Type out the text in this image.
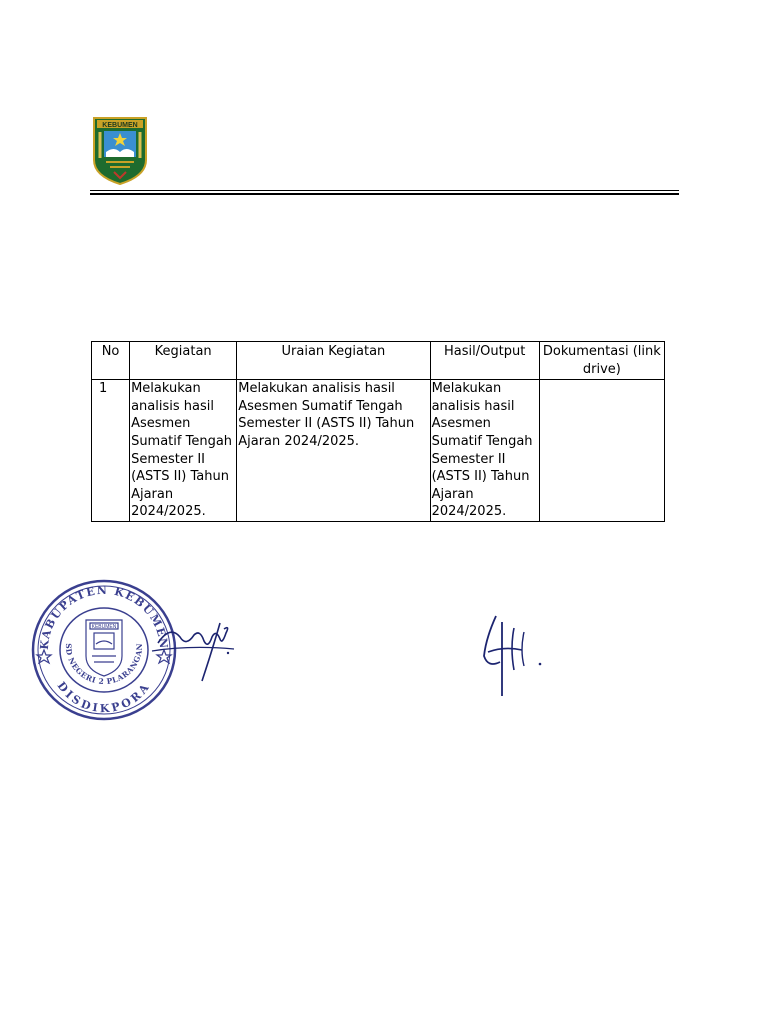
KEBUMEN
No	Kegiatan	Uraian Kegiatan	Hasil/Output	Dokumentasi (link drive)
1	Melakukan analisis hasil Asesmen Sumatif Tengah Semester II (ASTS II) Tahun Ajaran 2024/2025.	Melakukan analisis hasil Asesmen Sumatif Tengah Semester II (ASTS II) Tahun Ajaran 2024/2025.	Melakukan analisis hasil Asesmen Sumatif Tengah Semester II (ASTS II) Tahun Ajaran 2024/2025.	
KABUPATEN KEBUMEN
SD NEGERI 2 PLARANGAN
DISDIKPORA
KEBUMEN
